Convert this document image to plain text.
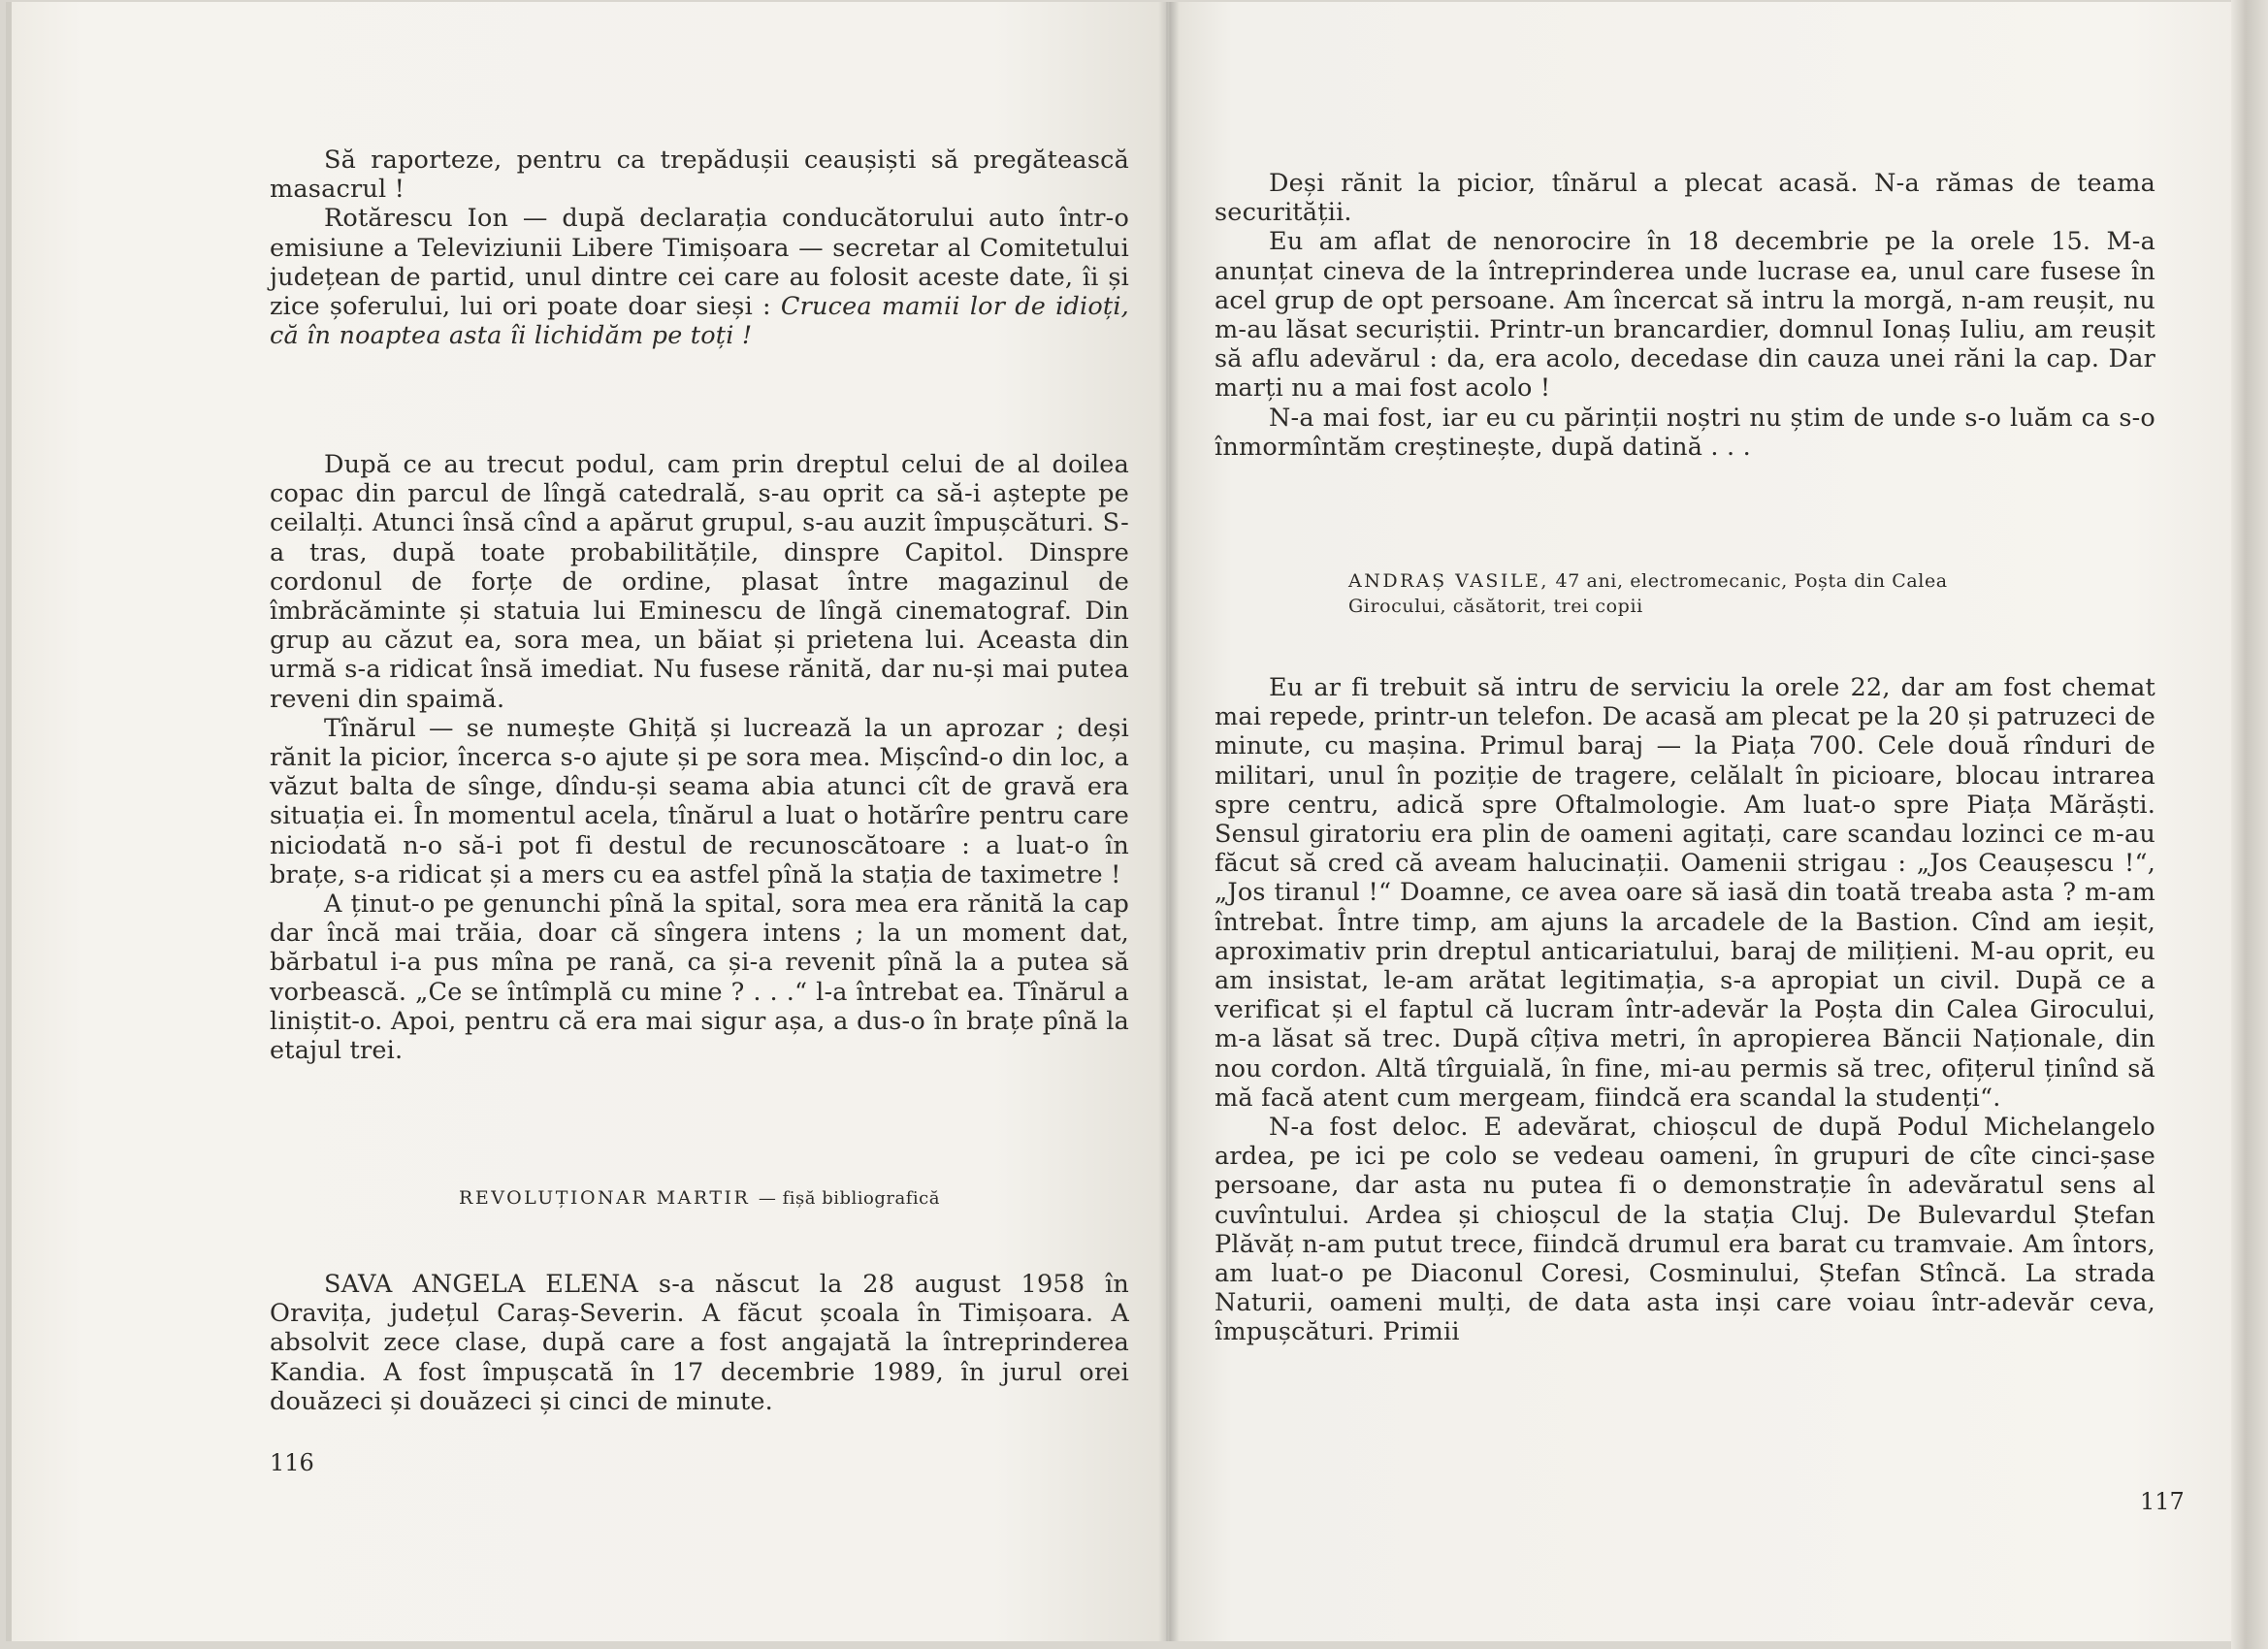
Să raporteze, pentru ca trepădușii ceaușiști să pregătească masacrul !

Rotărescu Ion — după declarația conducătorului auto într-o emisiune a Televiziunii Libere Timișoara — secretar al Comitetului județean de partid, unul dintre cei care au folosit aceste date, îi și zice șoferului, lui ori poate doar sieși : Crucea mamii lor de idioți, că în noaptea asta îi lichidăm pe toți !

După ce au trecut podul, cam prin dreptul celui de al doilea copac din parcul de lîngă catedrală, s-au oprit ca să-i aștepte pe ceilalți. Atunci însă cînd a apărut grupul, s-au auzit împușcături. S-a tras, după toate probabilitățile, dinspre Capitol. Dinspre cordonul de forțe de ordine, plasat între magazinul de îmbrăcăminte și statuia lui Eminescu de lîngă cinematograf. Din grup au căzut ea, sora mea, un băiat și prietena lui. Aceasta din urmă s-a ridicat însă imediat. Nu fusese rănită, dar nu-și mai putea reveni din spaimă.

Tînărul — se numește Ghiță și lucrează la un aprozar ; deși rănit la picior, încerca s-o ajute și pe sora mea. Mișcînd-o din loc, a văzut balta de sînge, dîndu-și seama abia atunci cît de gravă era situația ei. În momentul acela, tînărul a luat o hotărîre pentru care niciodată n-o să-i pot fi destul de recunoscătoare : a luat-o în brațe, s-a ridicat și a mers cu ea astfel pînă la stația de taximetre !

A ținut-o pe genunchi pînă la spital, sora mea era rănită la cap dar încă mai trăia, doar că sîngera intens ; la un moment dat, bărbatul i-a pus mîna pe rană, ca și-a revenit pînă la a putea să vorbească. „Ce se întîmplă cu mine ? . . .“ l-a întrebat ea. Tînărul a liniștit-o. Apoi, pentru că era mai sigur așa, a dus-o în brațe pînă la etajul trei.

REVOLUȚIONAR MARTIR — fișă bibliografică

SAVA ANGELA ELENA s-a născut la 28 august 1958 în Oravița, județul Caraș-Severin. A făcut școala în Timișoara. A absolvit zece clase, după care a fost angajată la întreprinderea Kandia. A fost împușcată în 17 decembrie 1989, în jurul orei douăzeci și douăzeci și cinci de minute.

116

Deși rănit la picior, tînărul a plecat acasă. N-a rămas de teama securității.

Eu am aflat de nenorocire în 18 decembrie pe la orele 15. M-a anunțat cineva de la întreprinderea unde lucrase ea, unul care fusese în acel grup de opt persoane. Am încercat să intru la morgă, n-am reușit, nu m-au lăsat securiștii. Printr-un brancardier, domnul Ionaș Iuliu, am reușit să aflu adevărul : da, era acolo, decedase din cauza unei răni la cap. Dar marți nu a mai fost acolo !

N-a mai fost, iar eu cu părinții noștri nu știm de unde s-o luăm ca s-o înmormîntăm creștinește, după datină . . .

ANDRAȘ VASILE, 47 ani, electromecanic, Poșta din Calea
Girocului, căsătorit, trei copii

Eu ar fi trebuit să intru de serviciu la orele 22, dar am fost chemat mai repede, printr-un telefon. De acasă am plecat pe la 20 și patruzeci de minute, cu mașina. Primul baraj — la Piața 700. Cele două rînduri de militari, unul în poziție de tragere, celălalt în picioare, blocau intrarea spre centru, adică spre Oftalmologie. Am luat-o spre Piața Mărăști. Sensul giratoriu era plin de oameni agitați, care scandau lozinci ce m-au făcut să cred că aveam halucinații. Oamenii strigau : „Jos Ceaușescu !“, „Jos tiranul !“ Doamne, ce avea oare să iasă din toată treaba asta ? m-am întrebat. Între timp, am ajuns la arcadele de la Bastion. Cînd am ieșit, aproximativ prin dreptul anticariatului, baraj de milițieni. M-au oprit, eu am insistat, le-am arătat legitimația, s-a apropiat un civil. După ce a verificat și el faptul că lucram într-adevăr la Poșta din Calea Girocului, m-a lăsat să trec. După cîțiva metri, în apropierea Băncii Naționale, din nou cordon. Altă tîrguială, în fine, mi-au permis să trec, ofițerul ținînd să mă facă atent cum mergeam, fiindcă era scandal la studenți“.

N-a fost deloc. E adevărat, chioșcul de după Podul Michelangelo ardea, pe ici pe colo se vedeau oameni, în grupuri de cîte cinci-șase persoane, dar asta nu putea fi o demonstrație în adevăratul sens al cuvîntului. Ardea și chioșcul de la stația Cluj. De Bulevardul Ștefan Plăvăț n-am putut trece, fiindcă drumul era barat cu tramvaie. Am întors, am luat-o pe Diaconul Coresi, Cosminului, Ștefan Stîncă. La strada Naturii, oameni mulți, de data asta inși care voiau într-adevăr ceva, împușcături. Primii

117
